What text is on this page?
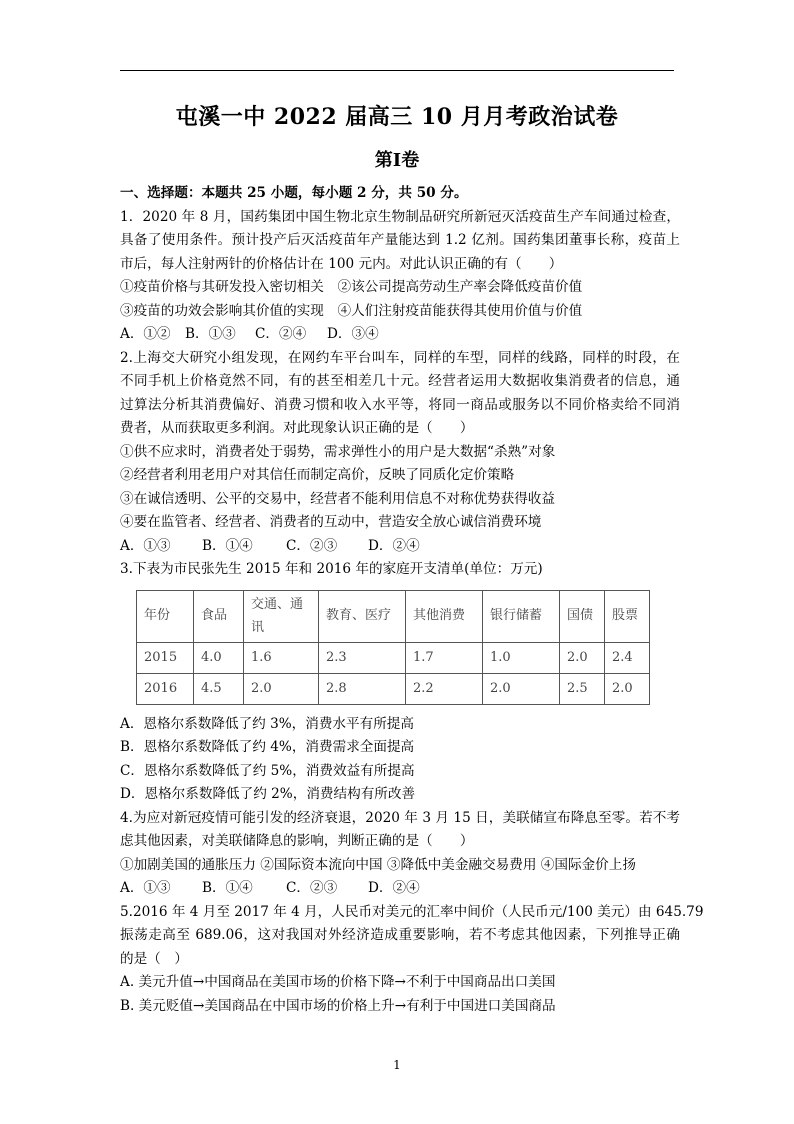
屯溪一中 2022 届高三 10 月月考政治试卷
第Ⅰ卷
一、选择题：本题共 25 小题，每小题 2 分，共 50 分。
1．2020 年 8 月，国药集团中国生物北京生物制品研究所新冠灭活疫苗生产车间通过检查，
具备了使用条件。预计投产后灭活疫苗年产量能达到 1.2 亿剂。国药集团董事长称，疫苗上
市后，每人注射两针的价格估计在 100 元内。对此认识正确的有（　　）
①疫苗价格与其研发投入密切相关　②该公司提高劳动生产率会降低疫苗价值
③疫苗的功效会影响其价值的实现　④人们注射疫苗能获得其使用价值与价值
A．①② B．①③ C．②④ D．③④
2.上海交大研究小组发现，在网约车平台叫车，同样的车型，同样的线路，同样的时段，在
不同手机上价格竟然不同，有的甚至相差几十元。经营者运用大数据收集消费者的信息，通
过算法分析其消费偏好、消费习惯和收入水平等，将同一商品或服务以不同价格卖给不同消
费者，从而获取更多利润。对此现象认识正确的是（　　）
①供不应求时，消费者处于弱势，需求弹性小的用户是大数据“杀熟”对象
②经营者利用老用户对其信任而制定高价，反映了同质化定价策略
③在诚信透明、公平的交易中，经营者不能利用信息不对称优势获得收益
④要在监管者、经营者、消费者的互动中，营造安全放心诚信消费环境
A．①③ B．①④ C．②③ D．②④
3.下表为市民张先生 2015 年和 2016 年的家庭开支清单(单位：万元)
年份	食品	交通、通讯	教育、医疗	其他消费	银行储蓄	国债	股票
2015	4.0	1.6	2.3	1.7	1.0	2.0	2.4
2016	4.5	2.0	2.8	2.2	2.0	2.5	2.0
A．恩格尔系数降低了约 3%，消费水平有所提高
B．恩格尔系数降低了约 4%，消费需求全面提高
C．恩格尔系数降低了约 5%，消费效益有所提高
D．恩格尔系数降低了约 2%，消费结构有所改善
4.为应对新冠疫情可能引发的经济衰退，2020 年 3 月 15 日，美联储宣布降息至零。若不考
虑其他因素，对美联储降息的影响，判断正确的是（　　）
①加剧美国的通胀压力 ②国际资本流向中国 ③降低中美金融交易费用 ④国际金价上扬
A．①③ B．①④ C．②③ D．②④
5.2016 年 4 月至 2017 年 4 月，人民币对美元的汇率中间价（人民币元/100 美元）由 645.79
振荡走高至 689.06，这对我国对外经济造成重要影响，若不考虑其他因素，下列推导正确
的是（　）
A. 美元升值→中国商品在美国市场的价格下降→不利于中国商品出口美国
B. 美元贬值→美国商品在中国市场的价格上升→有利于中国进口美国商品
1
